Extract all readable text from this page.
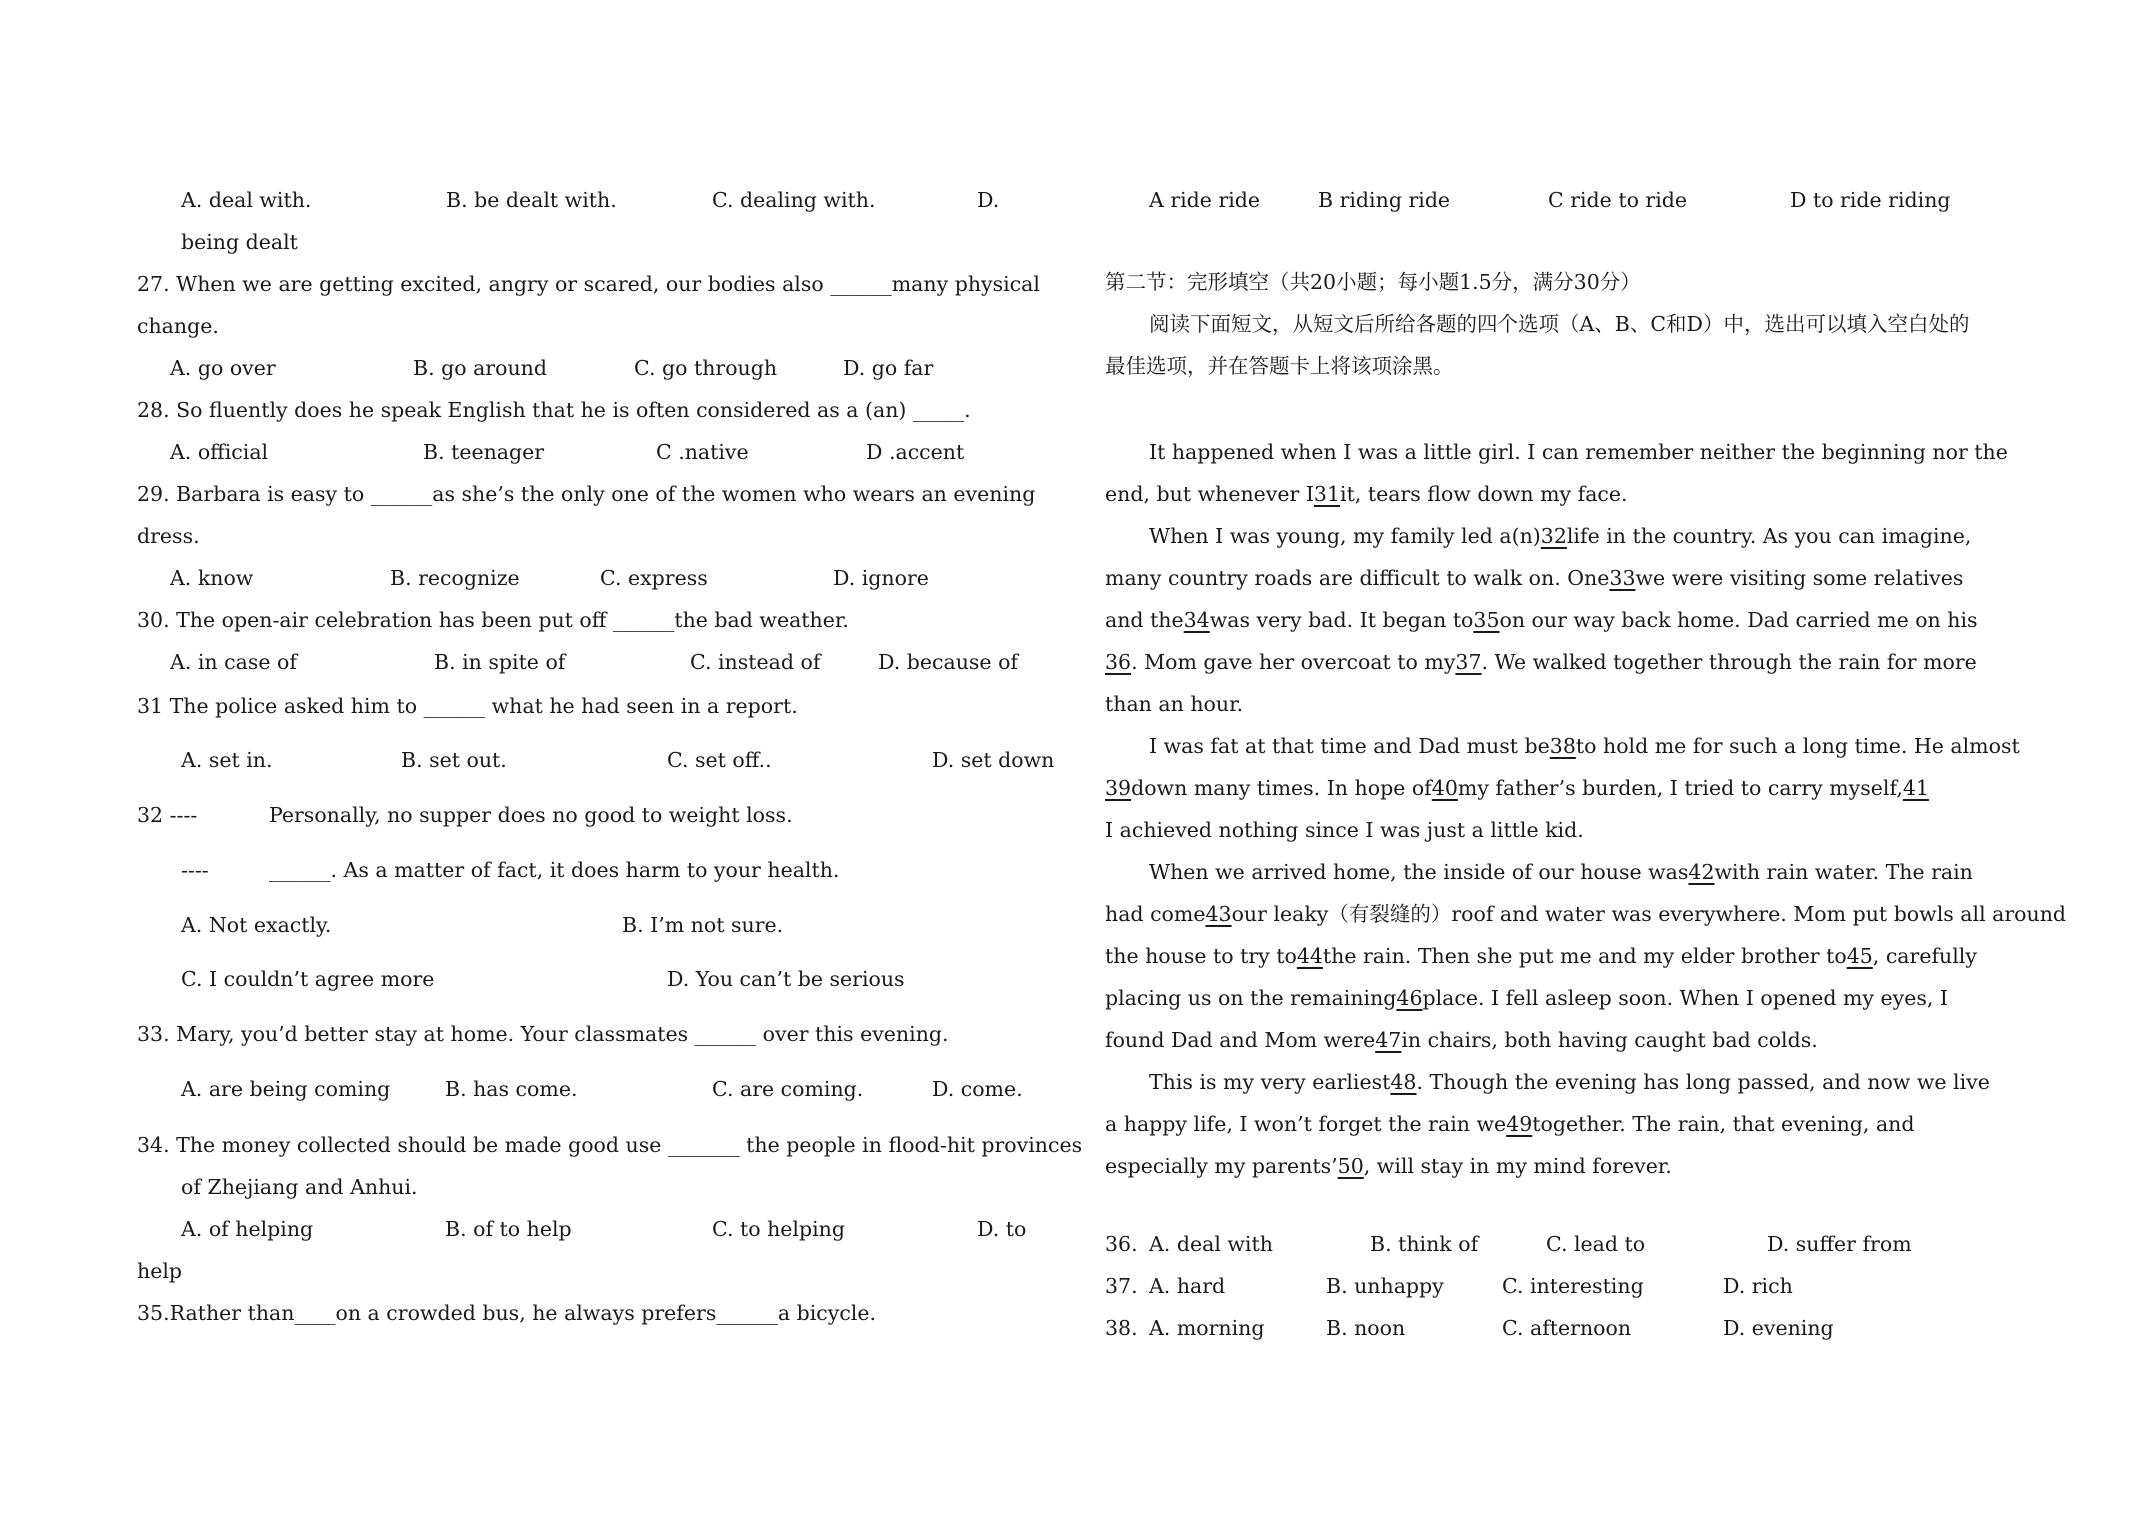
A. deal with.	B. be dealt with.	C. dealing with.	D.
being dealt
27. When we are getting excited, angry or scared, our bodies also ______many physical
change.
A. go over	B. go around	C. go through	D. go far
28. So fluently does he speak English that he is often considered as a (an) _____.
A. official	B. teenager	C .native	D .accent
29. Barbara is easy to ______as she’s the only one of the women who wears an evening
dress.
A. know	B. recognize	C. express	D. ignore
30. The open-air celebration has been put off ______the bad weather.
A. in case of	B. in spite of	C. instead of	D. because of
31 The police asked him to ______ what he had seen in a report.
A. set in.	B. set out.	C. set off..	D. set down
32 ----	Personally, no supper does no good to weight loss.
----	______. As a matter of fact, it does harm to your health.
A. Not exactly.	B. I’m not sure.
C. I couldn’t agree more	D. You can’t be serious
33. Mary, you’d better stay at home. Your classmates ______ over this evening.
A. are being coming	B. has come.	C. are coming.	D. come.
34. The money collected should be made good use _______ the people in flood-hit provinces
of Zhejiang and Anhui.
A. of helping	B. of to help	C. to helping	D. to
help
35.Rather than____on a crowded bus, he always prefers______a bicycle.
A ride ride	B riding ride	C ride to ride	D to ride riding
第二节：完形填空（共20小题；每小题1.5分，满分30分）
阅读下面短文，从短文后所给各题的四个选项（A、B、C和D）中，选出可以填入空白处的
最佳选项，并在答题卡上将该项涂黑。
It happened when I was a little girl. I can remember neither the beginning nor the
end, but whenever I31it, tears flow down my face.
When I was young, my family led a(n)32life in the country. As you can imagine,
many country roads are difficult to walk on. One33we were visiting some relatives
and the34was very bad. It began to35on our way back home. Dad carried me on his
36. Mom gave her overcoat to my37. We walked together through the rain for more
than an hour.
I was fat at that time and Dad must be38to hold me for such a long time. He almost
39down many times. In hope of40my father’s burden, I tried to carry myself,41
I achieved nothing since I was just a little kid.
When we arrived home, the inside of our house was42with rain water. The rain
had come43our leaky（有裂缝的）roof and water was everywhere. Mom put bowls all around
the house to try to44the rain. Then she put me and my elder brother to45, carefully
placing us on the remaining46place. I fell asleep soon. When I opened my eyes, I
found Dad and Mom were47in chairs, both having caught bad colds.
This is my very earliest48. Though the evening has long passed, and now we live
a happy life, I won’t forget the rain we49together. The rain, that evening, and
especially my parents’50, will stay in my mind forever.
36. A. deal with	B. think of	C. lead to	D. suffer from
37. A. hard	B. unhappy	C. interesting	D. rich
38. A. morning	B. noon	C. afternoon	D. evening
